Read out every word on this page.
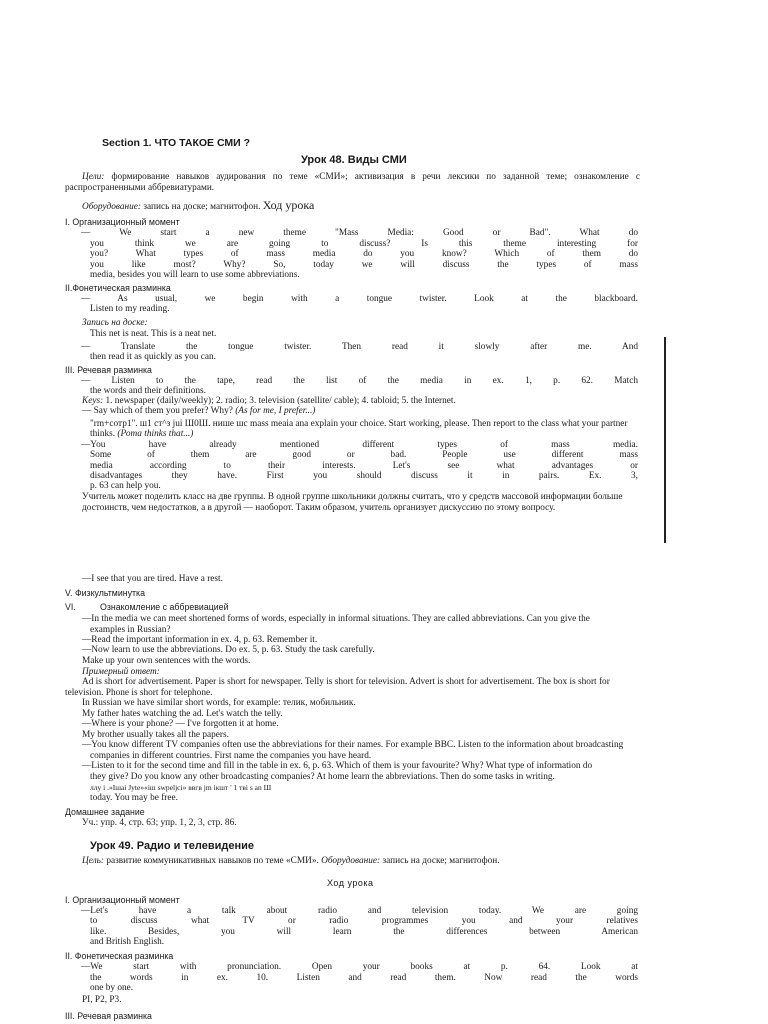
Section 1. ЧТО ТАКОЕ СМИ ?
Урок 48. Виды СМИ
Цели: формирование навыков аудирования по теме «СМИ»; активизация в речи лексики по заданной теме; ознакомление с
распространенными аббревиатурами.
Оборудование: запись на доске; магнитофон. Ход урока
I. Организационный момент
— We start a new theme "Mass Media: Good or Bad". What do
you think we are going to discuss? Is this theme interesting for
you? What types of mass media do you know? Which of them do
you like most? Why? So, today we will discuss the types of mass
media, besides you will learn to use some abbreviations.
II.Фонетическая разминка
— As usual, we begin with a tongue twister. Look at the blackboard.
Listen to my reading.
Запись на доске:
This net is neat. This is a neat net.
— Translate the tongue twister. Then read it slowly after me. And
then read it as quickly as you can.
III. Речевая разминка
— Listen to the tape, read the list of the media in ex. 1, p. 62. Match
the words and their definitions.
Keys: 1. newspaper (daily/weekly); 2. radio; 3. television (satellite/ cable); 4. tabloid; 5. the Internet.
— Say which of them you prefer? Why? (As for me, I prefer...)
"rm+сотр1". ш1 ст^з jui Ш0Ш. нише шс mass meaia ana explain your choice. Start working, please. Then report to the class what your partner
thinks. (Рота thinks that...)
—You have already mentioned different types of mass media.
Some of them are good or bad. People use different mass
media according to their interests. Let's see what advantages or
disadvantages they have. First you should discuss it in pairs. Ex. 3,
p. 63 can help you.
Учитель может поделить класс на две группы. В одной группе школьники должны считать, что у средств массовой информации больше
достоинств, чем недостатков, а в другой — наоборот. Таким образом, учитель организует дискуссию по этому вопросу.
—I see that you are tired. Have a rest.
V. Физкультминутка
VI.	Ознакомление с аббревиацией
—In the media we can meet shortened forms of words, especially in informal situations. They are called abbreviations. Can you give the
examples in Russian?
—Read the important information in ex. 4, p. 63. Remember it.
—Now learn to use the abbreviations. Do ex. 5, p. 63. Study the task carefully.
Make up your own sentences with the words.
Примерный ответ:
Ad is short for advertisement. Paper is short for newspaper. Telly is short for television. Advert is short for advertisement. The box is short for
television. Phone is short for telephone.
In Russian we have similar short words, for example: телик, мобильник.
My father hates watching the ad. Let's watch the telly.
—Where is your phone? — I've forgotten it at home.
My brother usually takes all the papers.
—You know different TV companies often use the abbreviations for their names. For example BBC. Listen to the information about broadcasting
companies in different countries. First name the companies you have heard.
—Listen to it for the second time and fill in the table in ex. 6, p. 63. Which of them is your favourite? Why? What type of information do
they give? Do you know any other broadcasting companies? At home learn the abbreviations. Then do some tasks in writing.
ллу i .»Ішаі Jyte»«іш swpeljci» ввгв jm iкшт ' 1 тві s an Ш
today. You may be free.
Домашнее задание
Уч.: упр. 4, стр. 63; упр. 1, 2, 3, стр. 86.
Урок 49. Радио и телевидение
Цель: развитие коммуникативных навыков по теме «СМИ». Оборудование: запись на доске; магнитофон.
Ход урока
I. Организационный момент
—Let's have a talk about radio and television today. We are going
to discuss what TV or radio programmes you and your relatives
like. Besides, you will learn the differences between American
and British English.
II. Фонетическая разминка
—We start with pronunciation. Open your books at p. 64. Look at
the words in ex. 10. Listen and read them. Now read the words
one by one.
PI, P2, P3.
III. Речевая разминка
